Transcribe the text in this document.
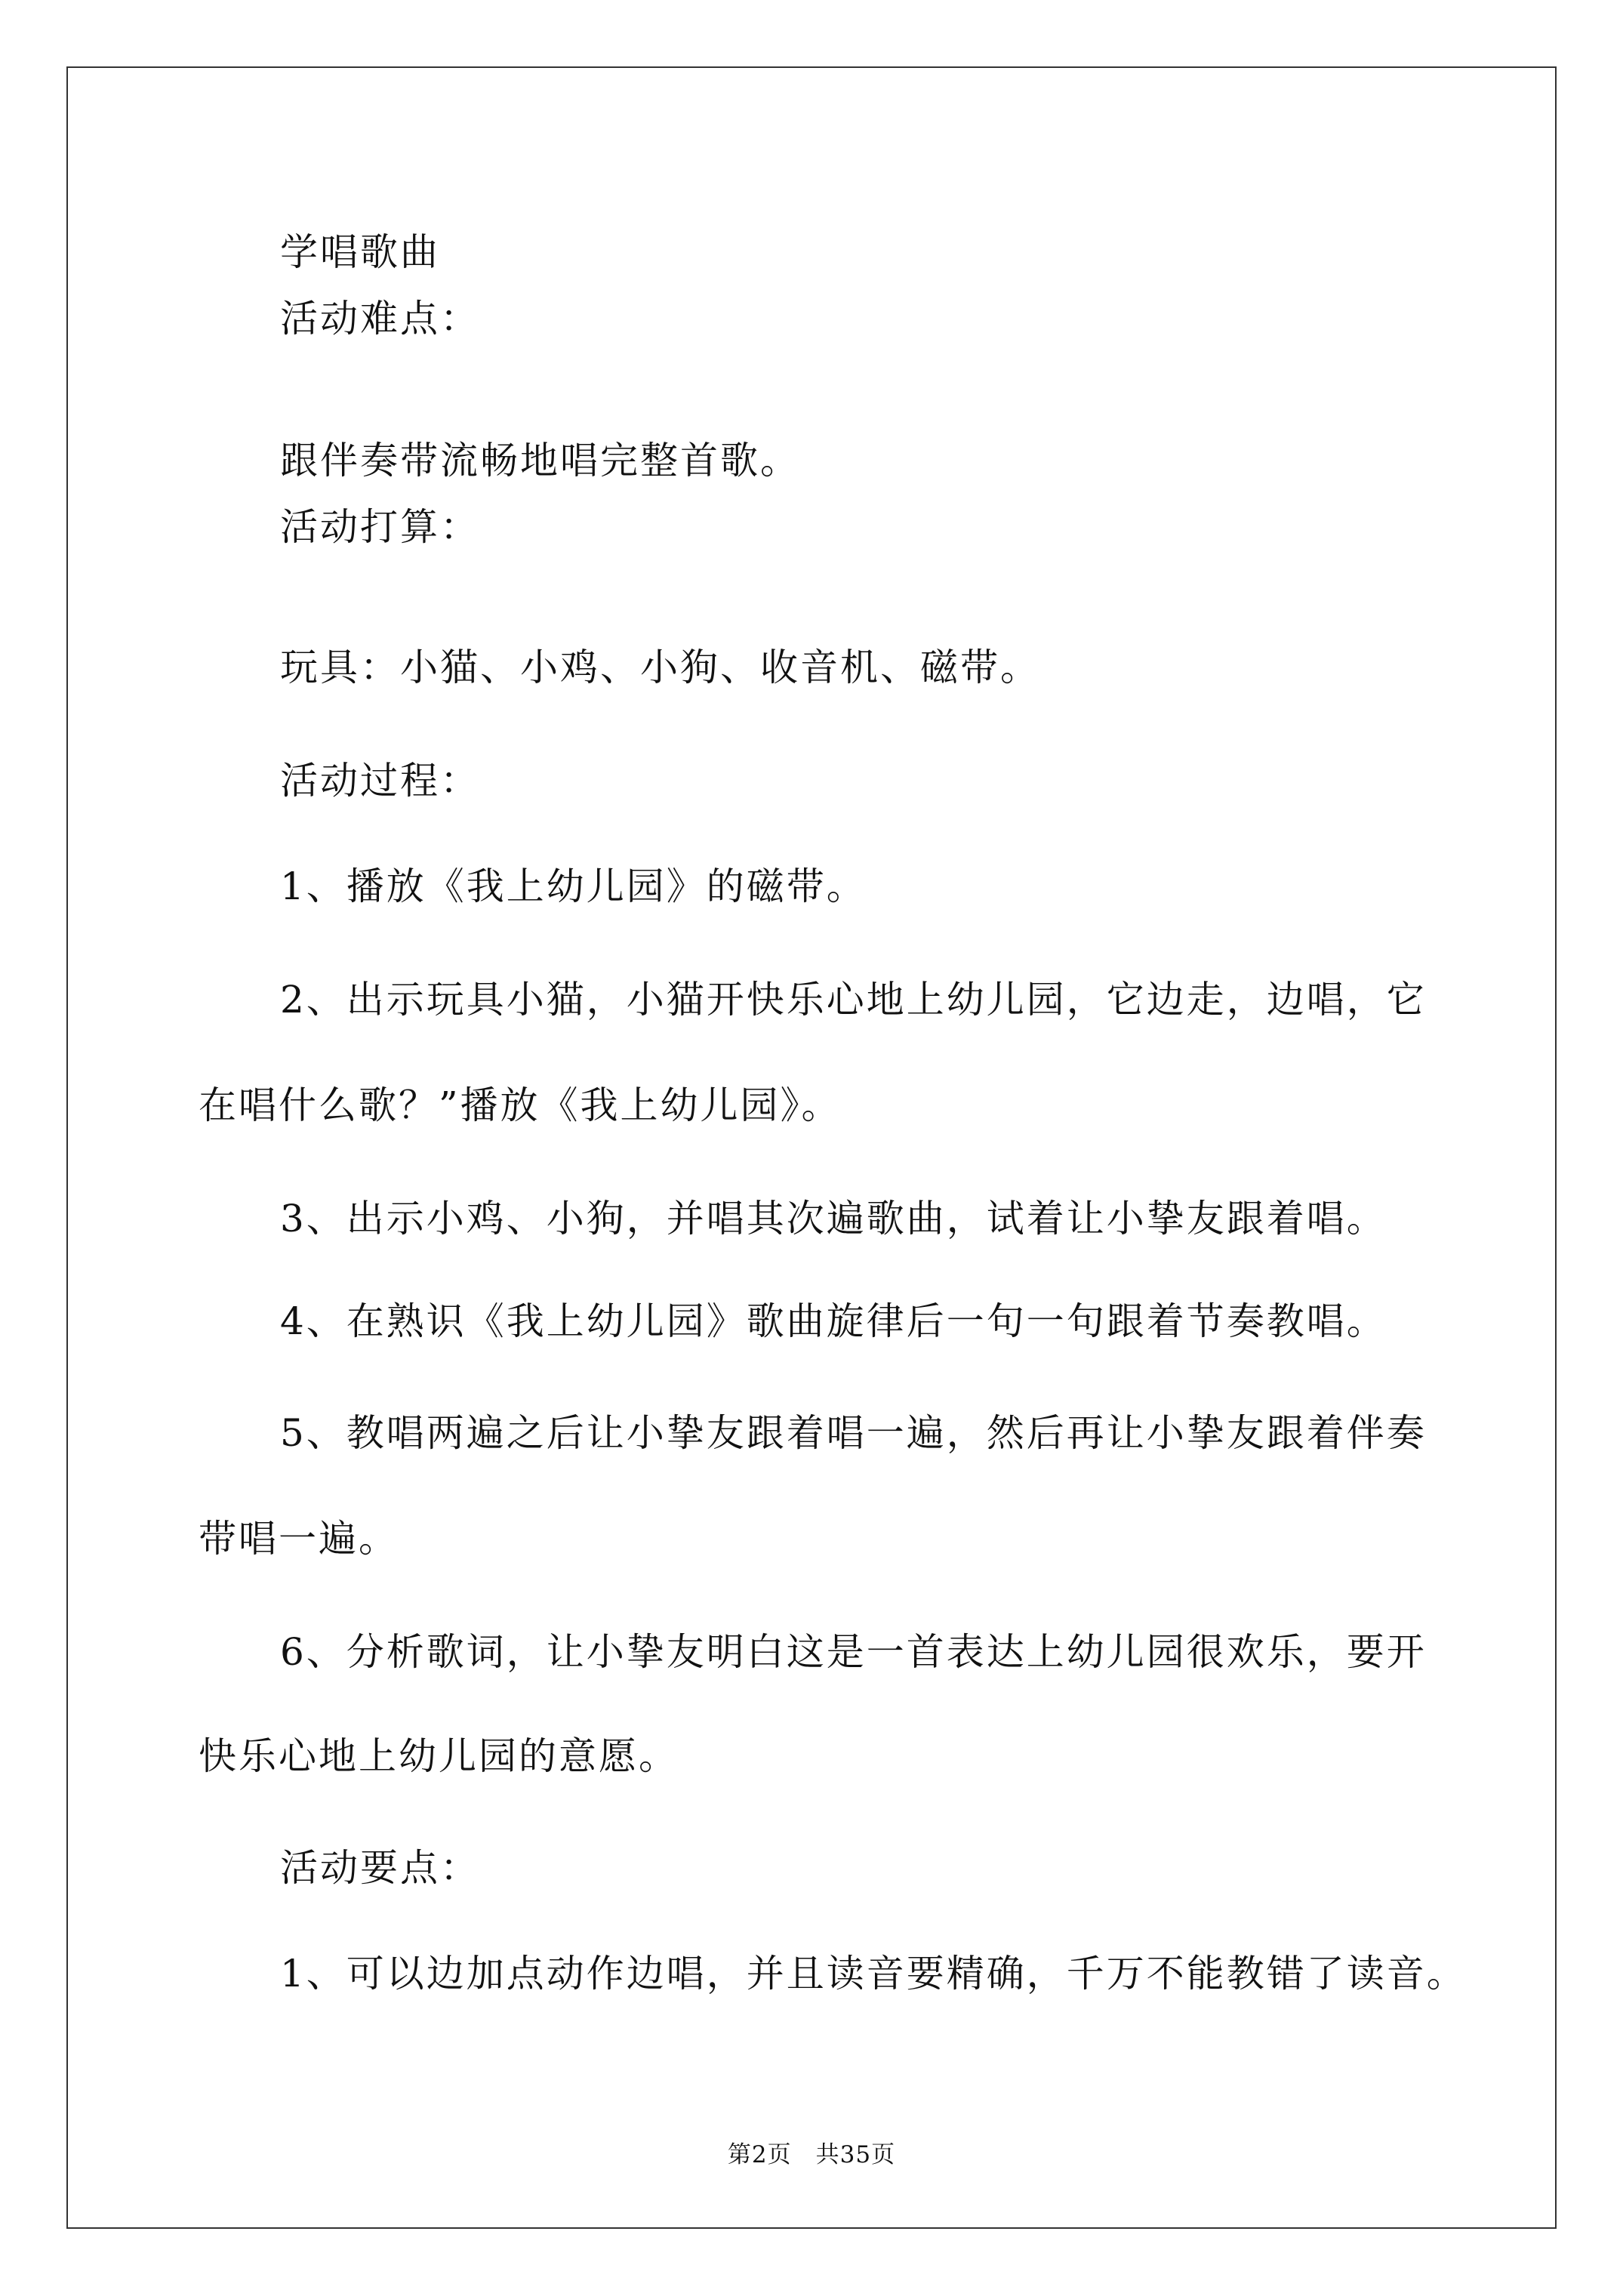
学唱歌曲
活动难点：
跟伴奏带流畅地唱完整首歌。
活动打算：
玩具：小猫、小鸡、小狗、收音机、磁带。
活动过程：
1、播放《我上幼儿园》的磁带。
2、出示玩具小猫，小猫开快乐心地上幼儿园，它边走，边唱，它
在唱什么歌？”播放《我上幼儿园》。
3、出示小鸡、小狗，并唱其次遍歌曲，试着让小挚友跟着唱。
4、在熟识《我上幼儿园》歌曲旋律后一句一句跟着节奏教唱。
5、教唱两遍之后让小挚友跟着唱一遍，然后再让小挚友跟着伴奏
带唱一遍。
6、分析歌词，让小挚友明白这是一首表达上幼儿园很欢乐，要开
快乐心地上幼儿园的意愿。
活动要点：
1、可以边加点动作边唱，并且读音要精确，千万不能教错了读音。
第2页 共35页
